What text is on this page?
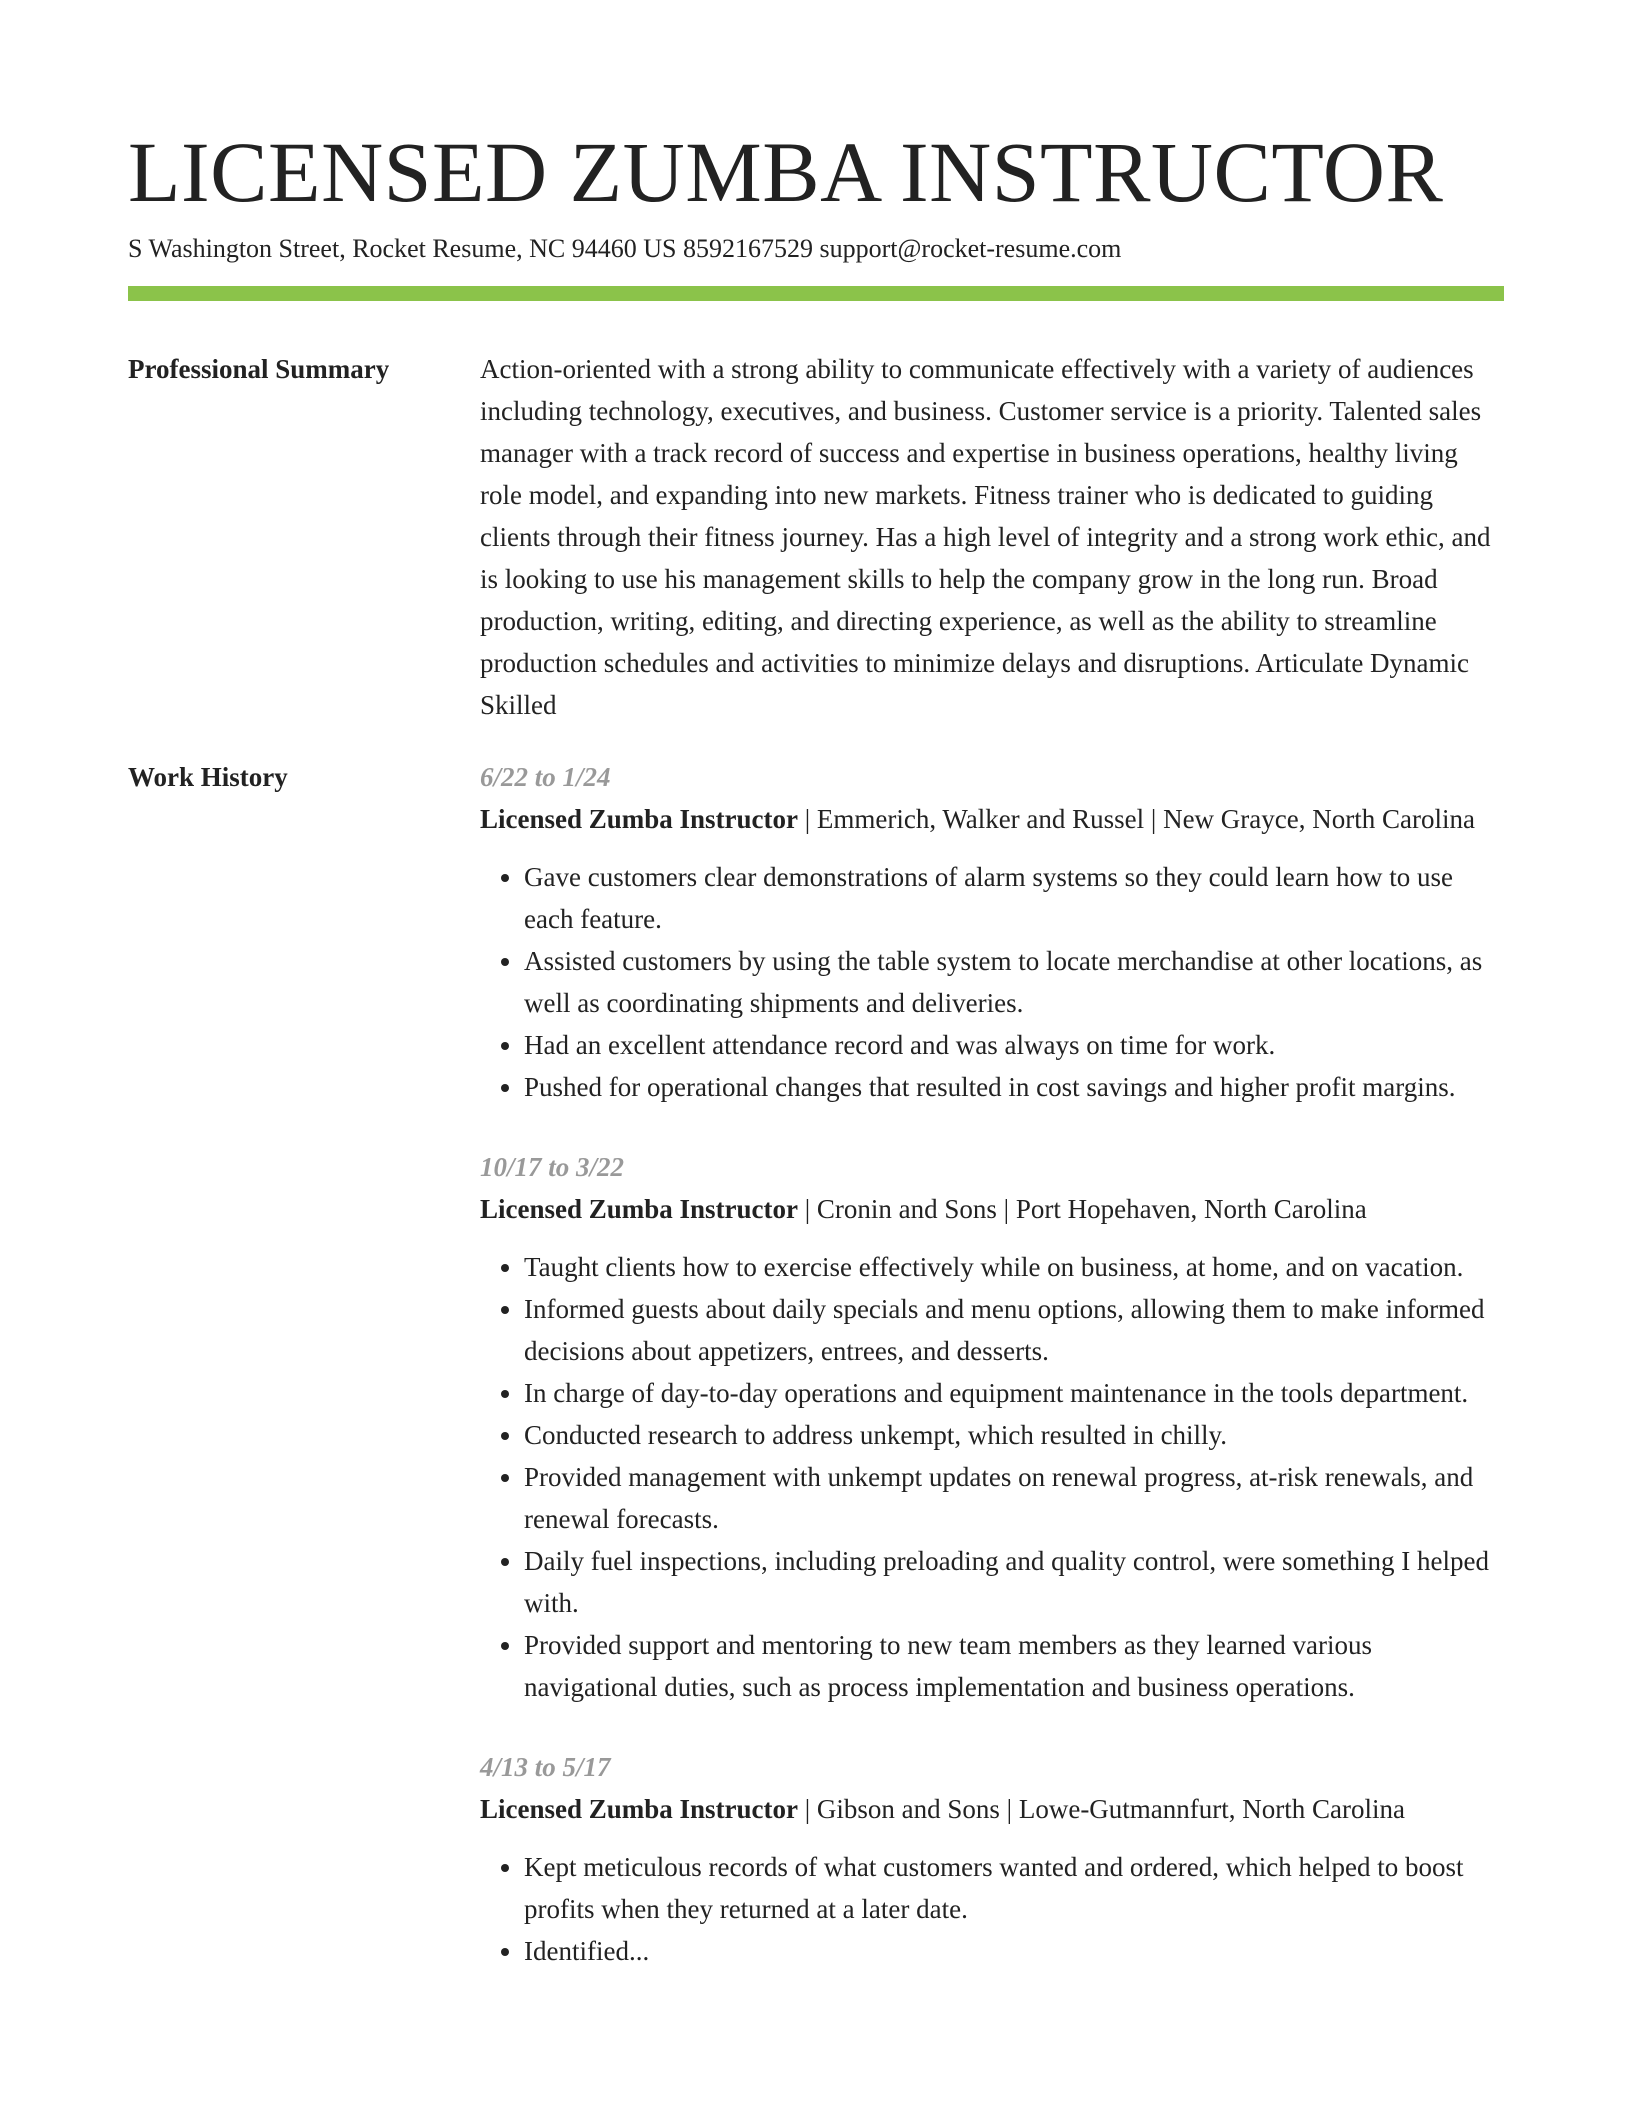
LICENSED ZUMBA INSTRUCTOR
S Washington Street, Rocket Resume, NC 94460 US 8592167529 support@rocket-resume.com
Professional Summary	Action-oriented with a strong ability to communicate effectively with a variety of audiences including technology, executives, and business. Customer service is a priority. Talented sales manager with a track record of success and expertise in business operations, healthy living role model, and expanding into new markets. Fitness trainer who is dedicated to guiding clients through their fitness journey. Has a high level of integrity and a strong work ethic, and is looking to use his management skills to help the company grow in the long run. Broad production, writing, editing, and directing experience, as well as the ability to streamline production schedules and activities to minimize delays and disruptions. Articulate Dynamic Skilled

Work History	6/22 to 1/24
Licensed Zumba Instructor | Emmerich, Walker and Russel | New Grayce, North Carolina
• Gave customers clear demonstrations of alarm systems so they could learn how to use each feature.
• Assisted customers by using the table system to locate merchandise at other locations, as well as coordinating shipments and deliveries.
• Had an excellent attendance record and was always on time for work.
• Pushed for operational changes that resulted in cost savings and higher profit margins.
10/17 to 3/22
Licensed Zumba Instructor | Cronin and Sons | Port Hopehaven, North Carolina
• Taught clients how to exercise effectively while on business, at home, and on vacation.
• Informed guests about daily specials and menu options, allowing them to make informed decisions about appetizers, entrees, and desserts.
• In charge of day-to-day operations and equipment maintenance in the tools department.
• Conducted research to address unkempt, which resulted in chilly.
• Provided management with unkempt updates on renewal progress, at-risk renewals, and renewal forecasts.
• Daily fuel inspections, including preloading and quality control, were something I helped with.
• Provided support and mentoring to new team members as they learned various navigational duties, such as process implementation and business operations.
4/13 to 5/17
Licensed Zumba Instructor | Gibson and Sons | Lowe-Gutmannfurt, North Carolina
• Kept meticulous records of what customers wanted and ordered, which helped to boost profits when they returned at a later date.
• Identified...
